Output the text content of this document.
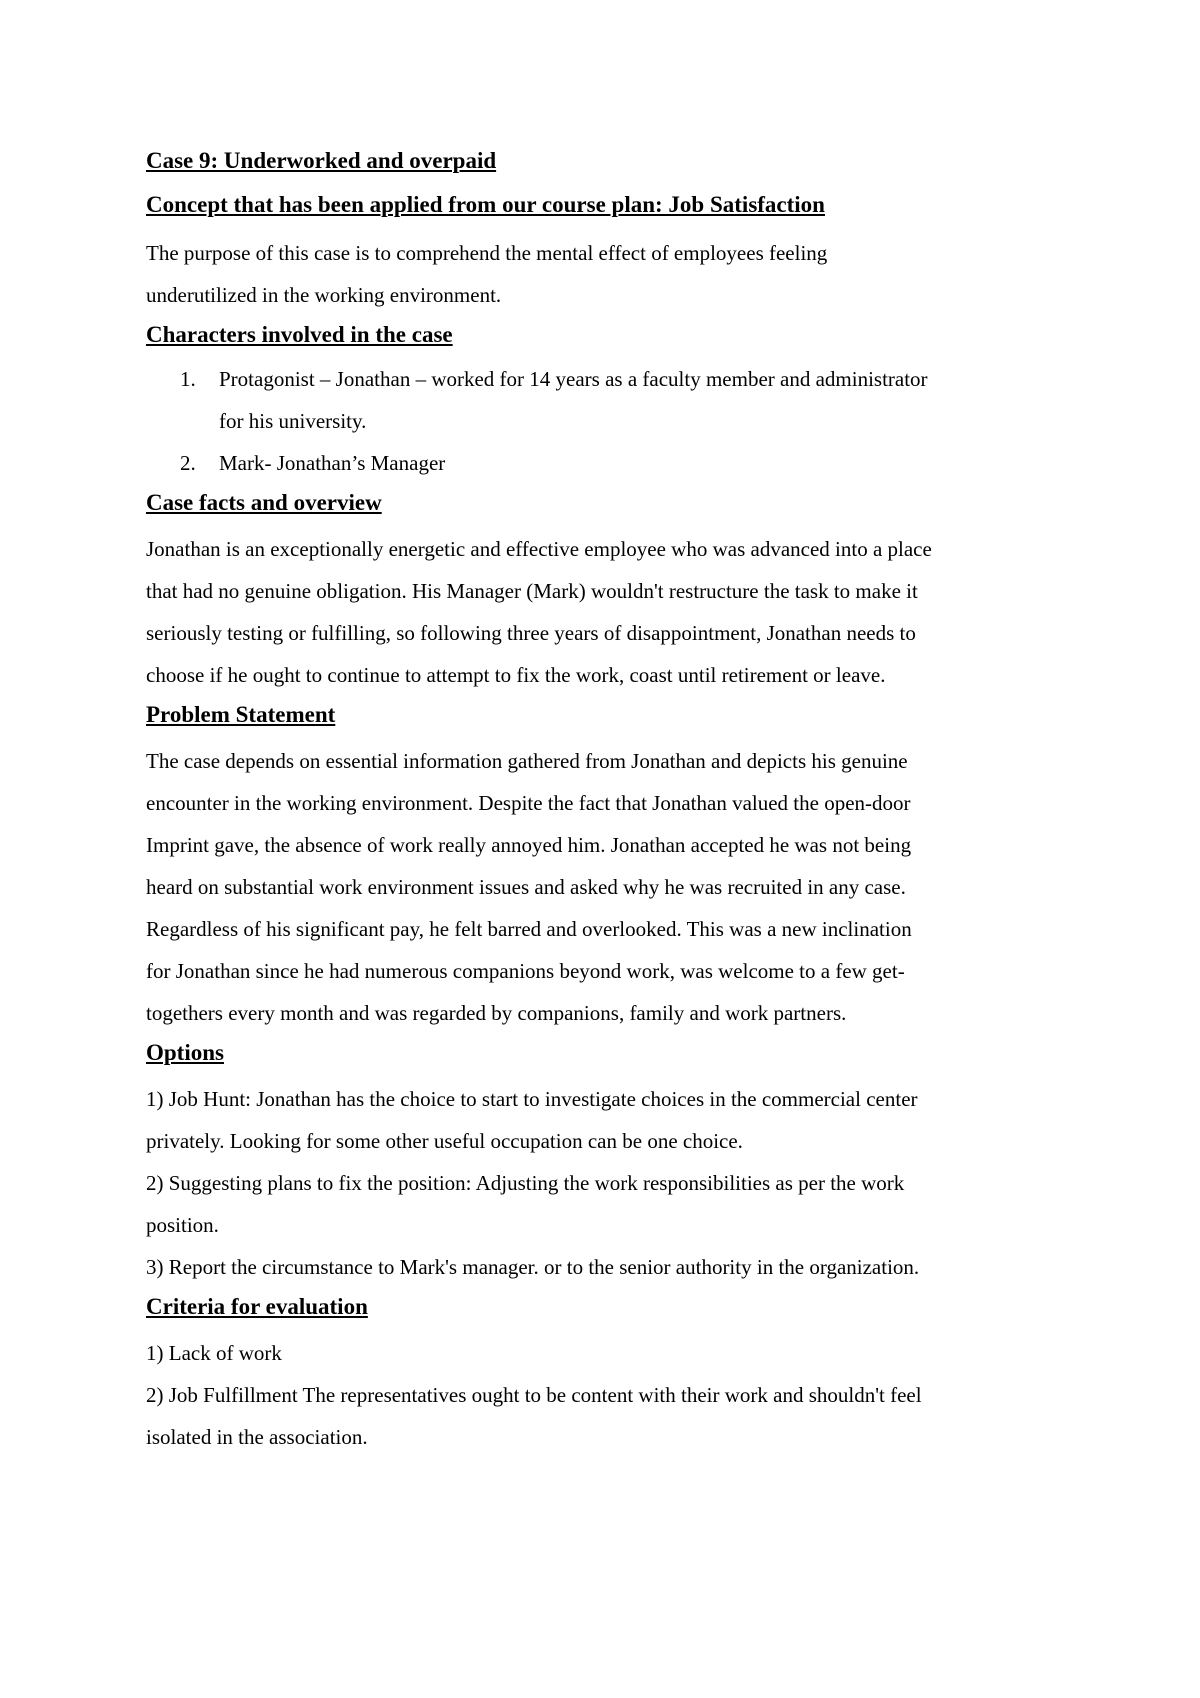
Case 9: Underworked and overpaid
Concept that has been applied from our course plan: Job Satisfaction

The purpose of this case is to comprehend the mental effect of employees feeling

underutilized in the working environment.

Characters involved in the case
1. Protagonist – Jonathan – worked for 14 years as a faculty member and administrator
for his university.
2. Mark- Jonathan’s Manager
Case facts and overview

Jonathan is an exceptionally energetic and effective employee who was advanced into a place

that had no genuine obligation. His Manager (Mark) wouldn't restructure the task to make it

seriously testing or fulfilling, so following three years of disappointment, Jonathan needs to

choose if he ought to continue to attempt to fix the work, coast until retirement or leave.

Problem Statement

The case depends on essential information gathered from Jonathan and depicts his genuine

encounter in the working environment. Despite the fact that Jonathan valued the open-door

Imprint gave, the absence of work really annoyed him. Jonathan accepted he was not being

heard on substantial work environment issues and asked why he was recruited in any case.

Regardless of his significant pay, he felt barred and overlooked. This was a new inclination

for Jonathan since he had numerous companions beyond work, was welcome to a few get-

togethers every month and was regarded by companions, family and work partners.

Options

1) Job Hunt: Jonathan has the choice to start to investigate choices in the commercial center

privately. Looking for some other useful occupation can be one choice.

2) Suggesting plans to fix the position: Adjusting the work responsibilities as per the work

position.

3) Report the circumstance to Mark's manager. or to the senior authority in the organization.

Criteria for evaluation

1) Lack of work

2) Job Fulfillment The representatives ought to be content with their work and shouldn't feel

isolated in the association.
